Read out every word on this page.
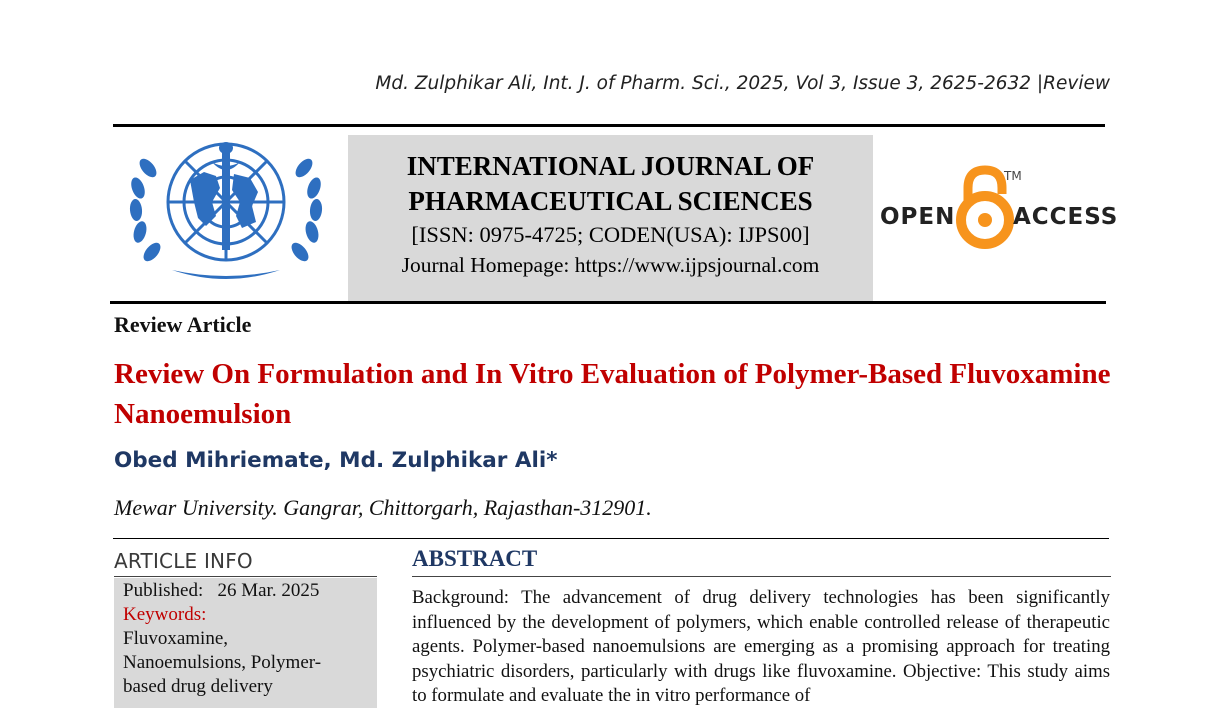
Md. Zulphikar Ali, Int. J. of Pharm. Sci., 2025, Vol 3, Issue 3, 2625-2632 |Review
INTERNATIONAL JOURNAL OF PHARMACEUTICAL SCIENCES
[ISSN: 0975-4725; CODEN(USA): IJPS00]
Journal Homepage: https://www.ijpsjournal.com
OPEN
TM
ACCESS
Review Article
Review On Formulation and In Vitro Evaluation of Polymer-Based Fluvoxamine Nanoemulsion
Obed Mihriemate, Md. Zulphikar Ali*
Mewar University. Gangrar, Chittorgarh, Rajasthan-312901.
ARTICLE INFO
Published: 26 Mar. 2025
Keywords:
Fluvoxamine, Nanoemulsions, Polymer-based drug delivery
ABSTRACT
Background: The advancement of drug delivery technologies has been significantly influenced by the development of polymers, which enable controlled release of therapeutic agents. Polymer-based nanoemulsions are emerging as a promising approach for treating psychiatric disorders, particularly with drugs like fluvoxamine. Objective: This study aims to formulate and evaluate the in vitro performance of
